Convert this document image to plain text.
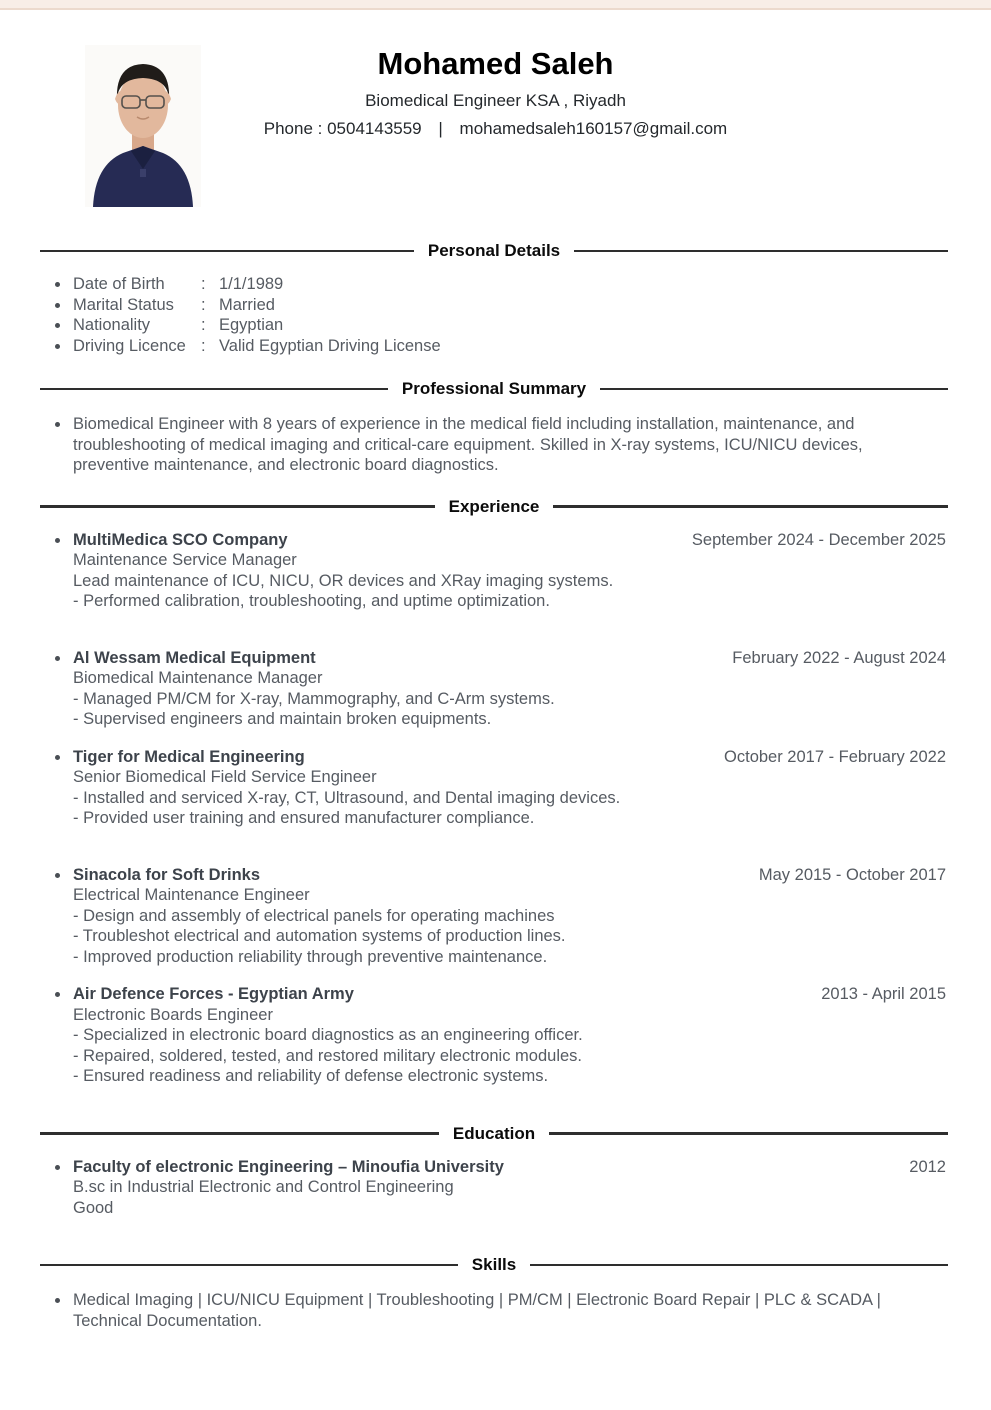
Mohamed Saleh
Biomedical Engineer KSA , Riyadh
Phone : 0504143559 | mohamedsaleh160157@gmail.com
Personal Details
Date of Birth	: 1/1/1989
Marital Status	: Married
Nationality	: Egyptian
Driving Licence : Valid Egyptian Driving License
Professional Summary

Biomedical Engineer with 8 years of experience in the medical field including installation, maintenance, and troubleshooting of medical imaging and critical-care equipment. Skilled in X-ray systems, ICU/NICU devices, preventive maintenance, and electronic board diagnostics.

Experience
MultiMedica SCO Company	September 2024 - December 2025
Maintenance Service Manager
Lead maintenance of ICU, NICU, OR devices and XRay imaging systems.
- Performed calibration, troubleshooting, and uptime optimization.
Al Wessam Medical Equipment	February 2022 - August 2024
Biomedical Maintenance Manager
- Managed PM/CM for X-ray, Mammography, and C-Arm systems.
- Supervised engineers and maintain broken equipments.
Tiger for Medical Engineering	October 2017 - February 2022
Senior Biomedical Field Service Engineer
- Installed and serviced X-ray, CT, Ultrasound, and Dental imaging devices.
- Provided user training and ensured manufacturer compliance.
Sinacola for Soft Drinks	May 2015 - October 2017
Electrical Maintenance Engineer
- Design and assembly of electrical panels for operating machines
- Troubleshot electrical and automation systems of production lines.
- Improved production reliability through preventive maintenance.
Air Defence Forces - Egyptian Army	2013 - April 2015
Electronic Boards Engineer
- Specialized in electronic board diagnostics as an engineering officer.
- Repaired, soldered, tested, and restored military electronic modules.
- Ensured readiness and reliability of defense electronic systems.
Education
Faculty of electronic Engineering – Minoufia University	2012
B.sc in Industrial Electronic and Control Engineering
Good
Skills

Medical Imaging | ICU/NICU Equipment | Troubleshooting | PM/CM | Electronic Board Repair | PLC & SCADA | Technical Documentation.
